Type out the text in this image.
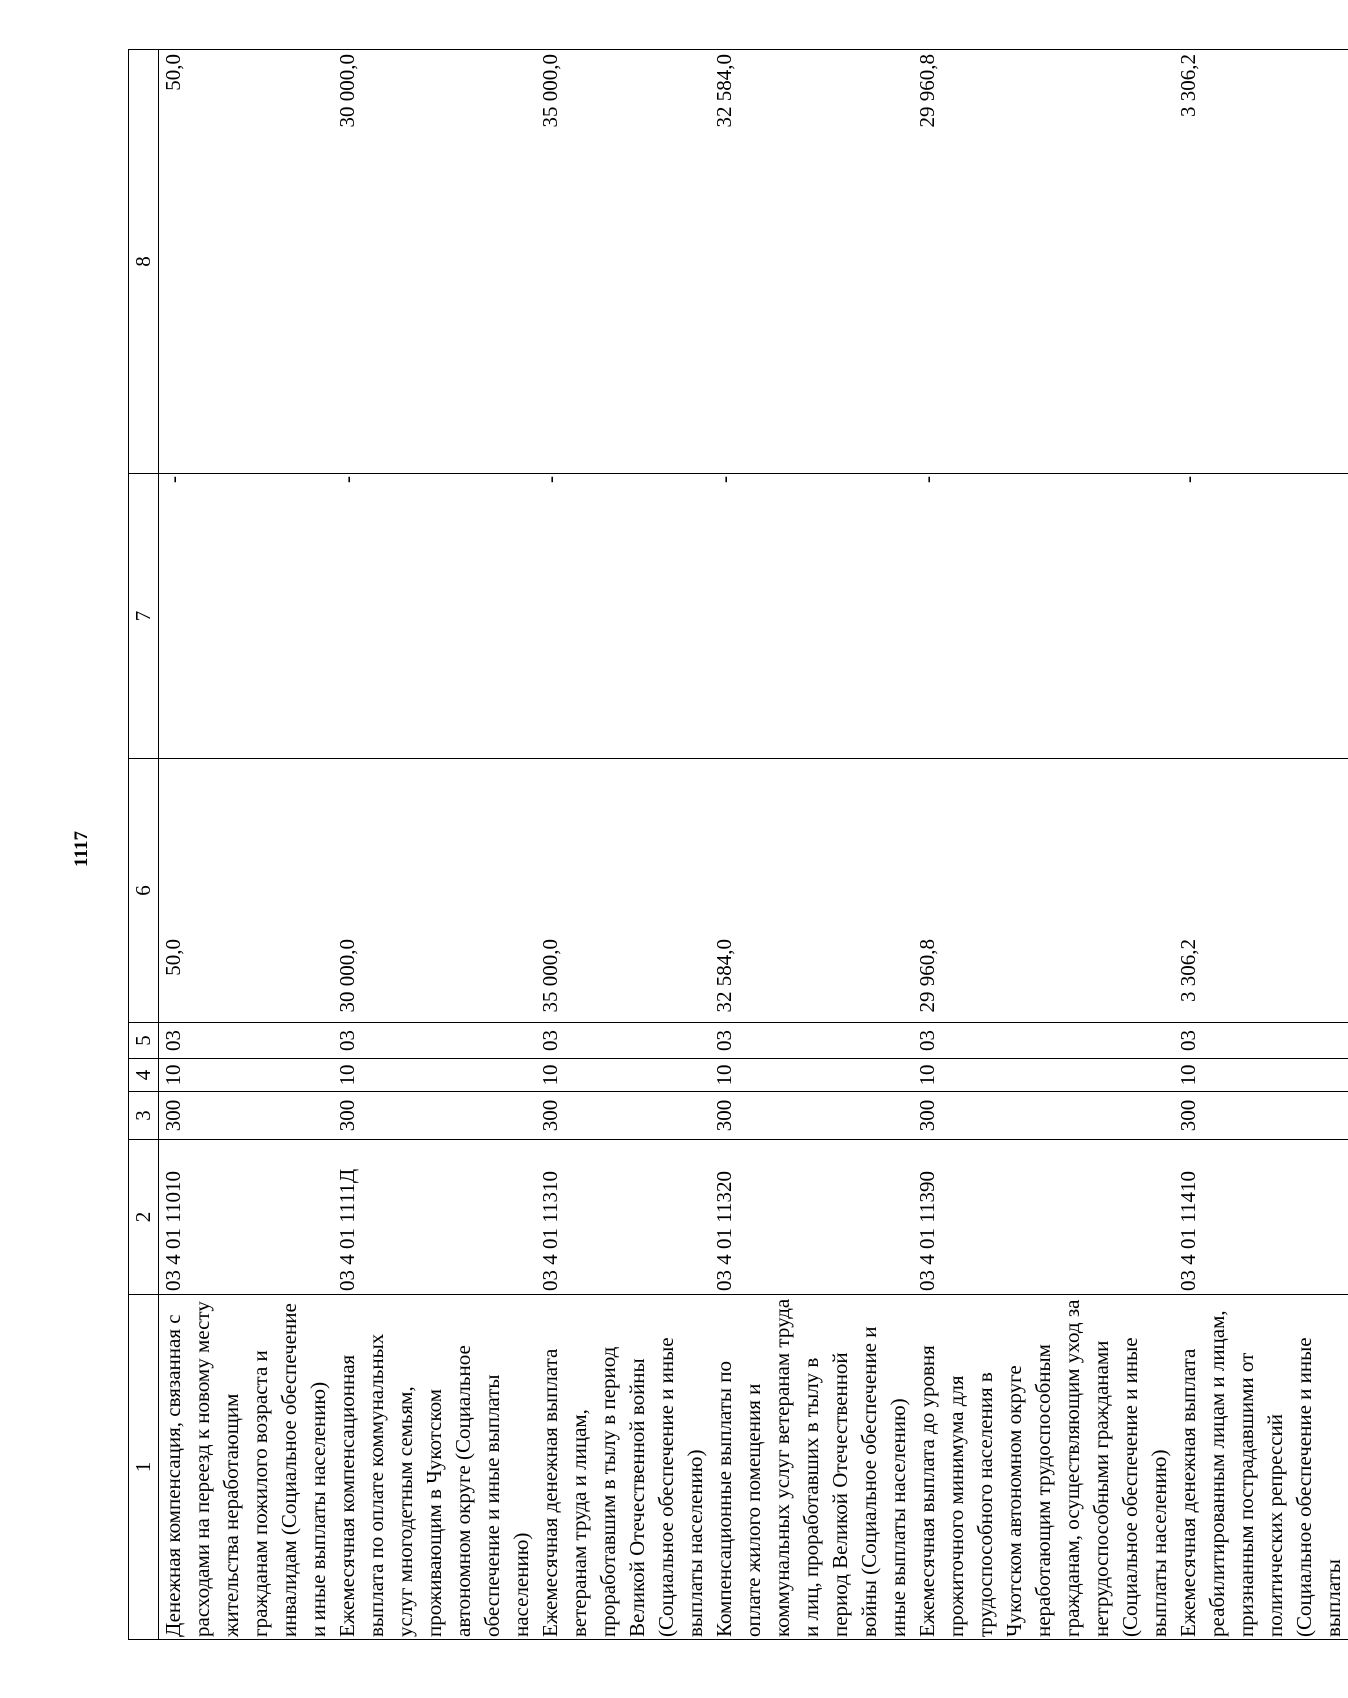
1117
1	2	3	4	5	6	7	8
Денежная компенсация, связанная с расходами на переезд к новому месту жительства неработающим гражданам пожилого возраста и инвалидам (Социальное обеспечение и иные выплаты населению)	03 4 01 11010	300	10	03	50,0	-	50,0
Ежемесячная компенсационная выплата по оплате коммунальных услуг многодетным семьям, проживающим в Чукотском автономном округе (Социальное обеспечение и иные выплаты населению)	03 4 01 1111Д	300	10	03	30 000,0	-	30 000,0
Ежемесячная денежная выплата ветеранам труда и лицам, проработавшим в тылу в период Великой Отечественной войны (Социальное обеспечение и иные выплаты населению)	03 4 01 11310	300	10	03	35 000,0	-	35 000,0
Компенсационные выплаты по оплате жилого помещения и коммунальных услуг ветеранам труда и лиц, проработавших в тылу в период Великой Отечественной войны (Социальное обеспечение и иные выплаты населению)	03 4 01 11320	300	10	03	32 584,0	-	32 584,0
Ежемесячная выплата до уровня прожиточного минимума для трудоспособного населения в Чукотском автономном округе неработающим трудоспособным гражданам, осуществляющим уход за нетрудоспособными гражданами (Социальное обеспечение и иные выплаты населению)	03 4 01 11390	300	10	03	29 960,8	-	29 960,8
Ежемесячная денежная выплата реабилитированным лицам и лицам, признанным пострадавшими от политических репрессий (Социальное обеспечение и иные выплаты	03 4 01 11410	300	10	03	3 306,2	-	3 306,2
